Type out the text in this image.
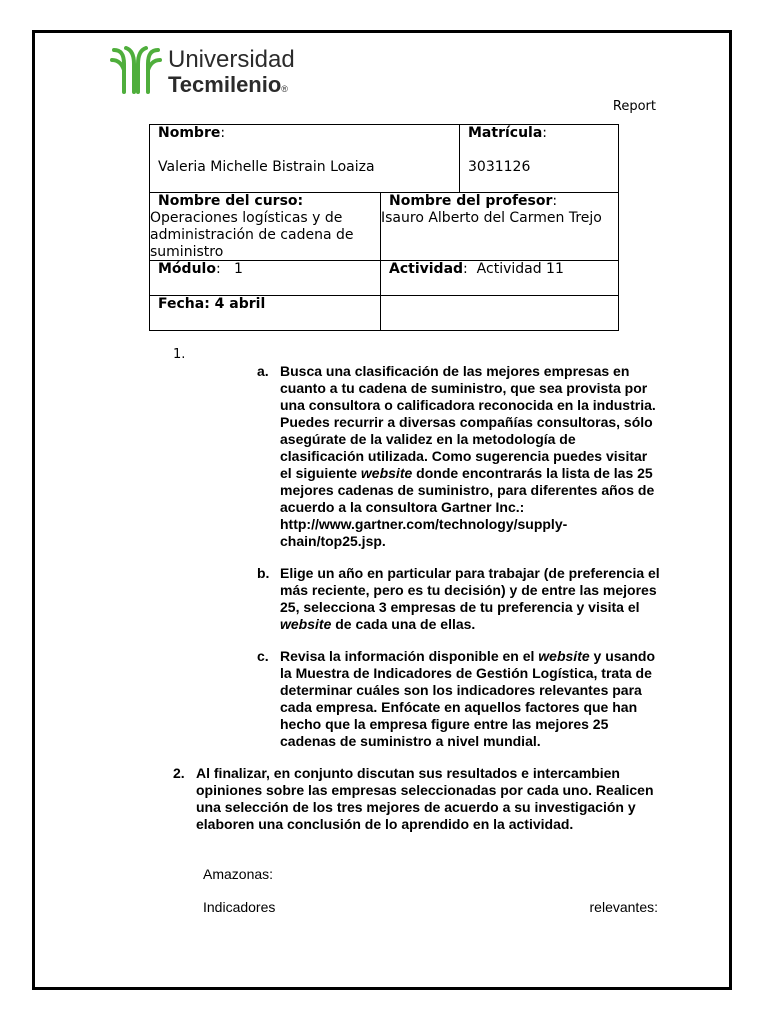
Universidad
Tecmilenio®
Report
Nombre:
Valeria Michelle Bistrain Loaiza
Matrícula:
3031126
Nombre del curso:
Operaciones logísticas y de administración de cadena de suministro
Nombre del profesor:
Isauro Alberto del Carmen Trejo
Módulo:   1	Actividad:  Actividad 11
Fecha: 4 abril
1.
a. Busca una clasificación de las mejores empresas en cuanto a tu cadena de suministro, que sea provista por una consultora o calificadora reconocida en la industria. Puedes recurrir a diversas compañías consultoras, sólo asegúrate de la validez en la metodología de clasificación utilizada. Como sugerencia puedes visitar el siguiente website donde encontrarás la lista de las 25 mejores cadenas de suministro, para diferentes años de acuerdo a la consultora Gartner Inc.: http://www.gartner.com/technology/supply-chain/top25.jsp.
b. Elige un año en particular para trabajar (de preferencia el más reciente, pero es tu decisión) y de entre las mejores 25, selecciona 3 empresas de tu preferencia y visita el website de cada una de ellas.
c. Revisa la información disponible en el website y usando la Muestra de Indicadores de Gestión Logística, trata de determinar cuáles son los indicadores relevantes para cada empresa. Enfócate en aquellos factores que han hecho que la empresa figure entre las mejores 25 cadenas de suministro a nivel mundial.
2. Al finalizar, en conjunto discutan sus resultados e intercambien opiniones sobre las empresas seleccionadas por cada uno. Realicen una selección de los tres mejores de acuerdo a su investigación y elaboren una conclusión de lo aprendido en la actividad.
Amazonas:
Indicadores	relevantes:
